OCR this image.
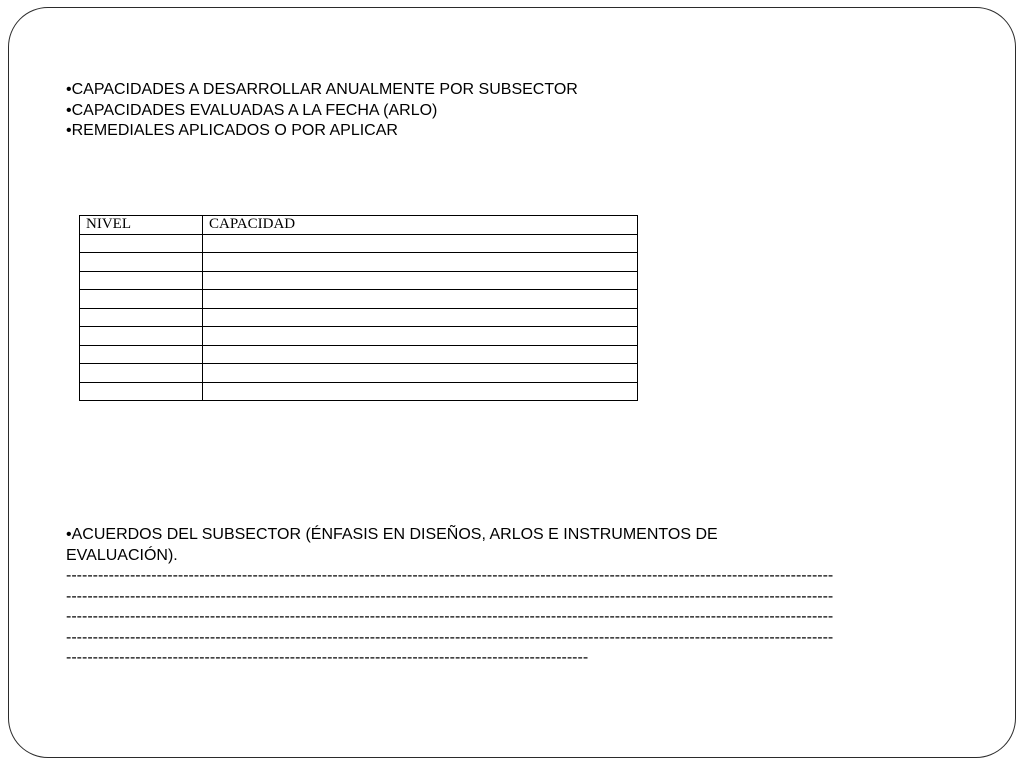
•CAPACIDADES A DESARROLLAR ANUALMENTE POR SUBSECTOR
•CAPACIDADES EVALUADAS A LA FECHA (ARLO)
•REMEDIALES APLICADOS O POR APLICAR
NIVEL	CAPACIDAD

•ACUERDOS DEL SUBSECTOR (ÉNFASIS EN DISEÑOS, ARLOS E INSTRUMENTOS DE EVALUACIÓN).

------------------------------------------------------------------------------------------------------------------------------------------------
------------------------------------------------------------------------------------------------------------------------------------------------
------------------------------------------------------------------------------------------------------------------------------------------------
------------------------------------------------------------------------------------------------------------------------------------------------
--------------------------------------------------------------------------------------------------
